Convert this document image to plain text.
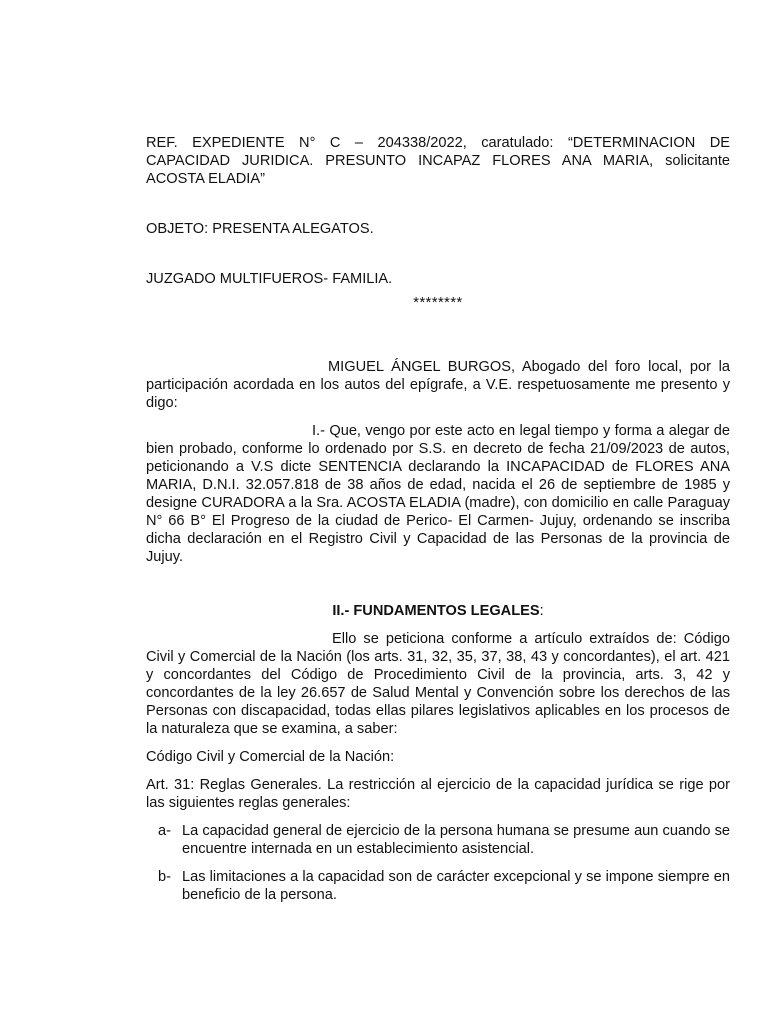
REF. EXPEDIENTE N° C – 204338/2022, caratulado: “DETERMINACION DE CAPACIDAD JURIDICA. PRESUNTO INCAPAZ FLORES ANA MARIA, solicitante ACOSTA ELADIA”

OBJETO: PRESENTA ALEGATOS.

JUZGADO MULTIFUEROS- FAMILIA.

********

MIGUEL ÁNGEL BURGOS, Abogado del foro local, por la participación acordada en los autos del epígrafe, a V.E. respetuosamente me presento y digo:

I.- Que, vengo por este acto en legal tiempo y forma a alegar de bien probado, conforme lo ordenado por S.S. en decreto de fecha 21/09/2023 de autos, peticionando a V.S dicte SENTENCIA declarando la INCAPACIDAD de FLORES ANA MARIA, D.N.I. 32.057.818 de 38 años de edad, nacida el 26 de septiembre de 1985 y designe CURADORA a la Sra. ACOSTA ELADIA (madre), con domicilio en calle Paraguay N° 66 B° El Progreso de la ciudad de Perico- El Carmen- Jujuy, ordenando se inscriba dicha declaración en el Registro Civil y Capacidad de las Personas de la provincia de Jujuy.

II.- FUNDAMENTOS LEGALES:

Ello se peticiona conforme a artículo extraídos de: Código Civil y Comercial de la Nación (los arts. 31, 32, 35, 37, 38, 43 y concordantes), el art. 421 y concordantes del Código de Procedimiento Civil de la provincia, arts. 3, 42 y concordantes de la ley 26.657 de Salud Mental y Convención sobre los derechos de las Personas con discapacidad, todas ellas pilares legislativos aplicables en los procesos de la naturaleza que se examina, a saber:

Código Civil y Comercial de la Nación:

Art. 31: Reglas Generales. La restricción al ejercicio de la capacidad jurídica se rige por las siguientes reglas generales:

a- La capacidad general de ejercicio de la persona humana se presume aun cuando se encuentre internada en un establecimiento asistencial.
b- Las limitaciones a la capacidad son de carácter excepcional y se impone siempre en beneficio de la persona.
